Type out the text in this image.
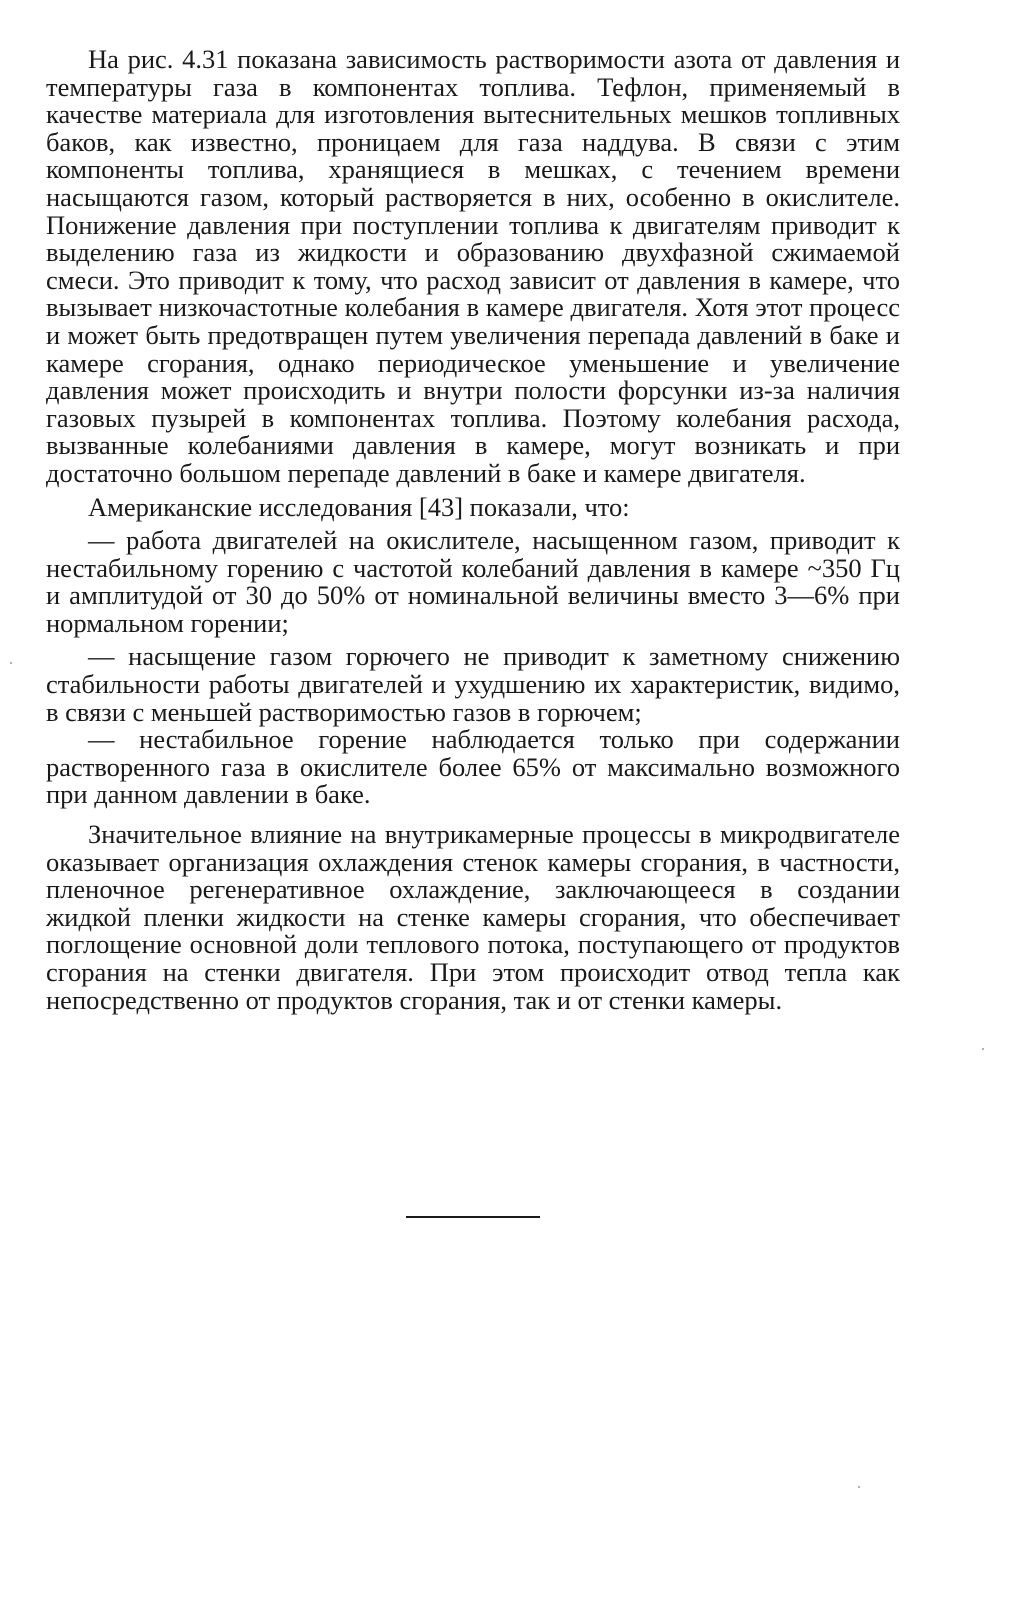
На рис. 4.31 показана зависимость растворимости азота от давления и температуры газа в компонентах топлива. Тефлон, применяемый в качестве материала для изготовления вытеснительных мешков топливных баков, как известно, проницаем для газа наддува. В связи с этим компоненты топлива, хранящиеся в мешках, с течением времени насыщаются газом, который растворяется в них, особенно в окислителе. Понижение давления при поступлении топлива к двигателям приводит к выделению газа из жидкости и образованию двухфазной сжимаемой смеси. Это приводит к тому, что расход зависит от давления в камере, что вызывает низкочастотные колебания в камере двигателя. Хотя этот процесс и может быть предотвращен путем увеличения перепада давлений в баке и камере сгорания, однако периодическое уменьшение и увеличение давления может происходить и внутри полости форсунки из-за наличия газовых пузырей в компонентах топлива. Поэтому колебания расхода, вызванные колебаниями давления в камере, могут возникать и при достаточно большом перепаде давлений в баке и камере двигателя.

Американские исследования [43] показали, что:

— работа двигателей на окислителе, насыщенном газом, приводит к нестабильному горению с частотой колебаний давления в камере ~350 Гц и амплитудой от 30 до 50% от номинальной величины вместо 3—6% при нормальном горении;

— насыщение газом горючего не приводит к заметному снижению стабильности работы двигателей и ухудшению их характеристик, видимо, в связи с меньшей растворимостью газов в горючем;

— нестабильное горение наблюдается только при содержании растворенного газа в окислителе более 65% от максимально возможного при данном давлении в баке.

Значительное влияние на внутрикамерные процессы в микродвигателе оказывает организация охлаждения стенок камеры сгорания, в частности, пленочное регенеративное охлаждение, заключающееся в создании жидкой пленки жидкости на стенке камеры сгорания, что обеспечивает поглощение основной доли теплового потока, поступающего от продуктов сгорания на стенки двигателя. При этом происходит отвод тепла как непосредственно от продуктов сгорания, так и от стенки камеры.
